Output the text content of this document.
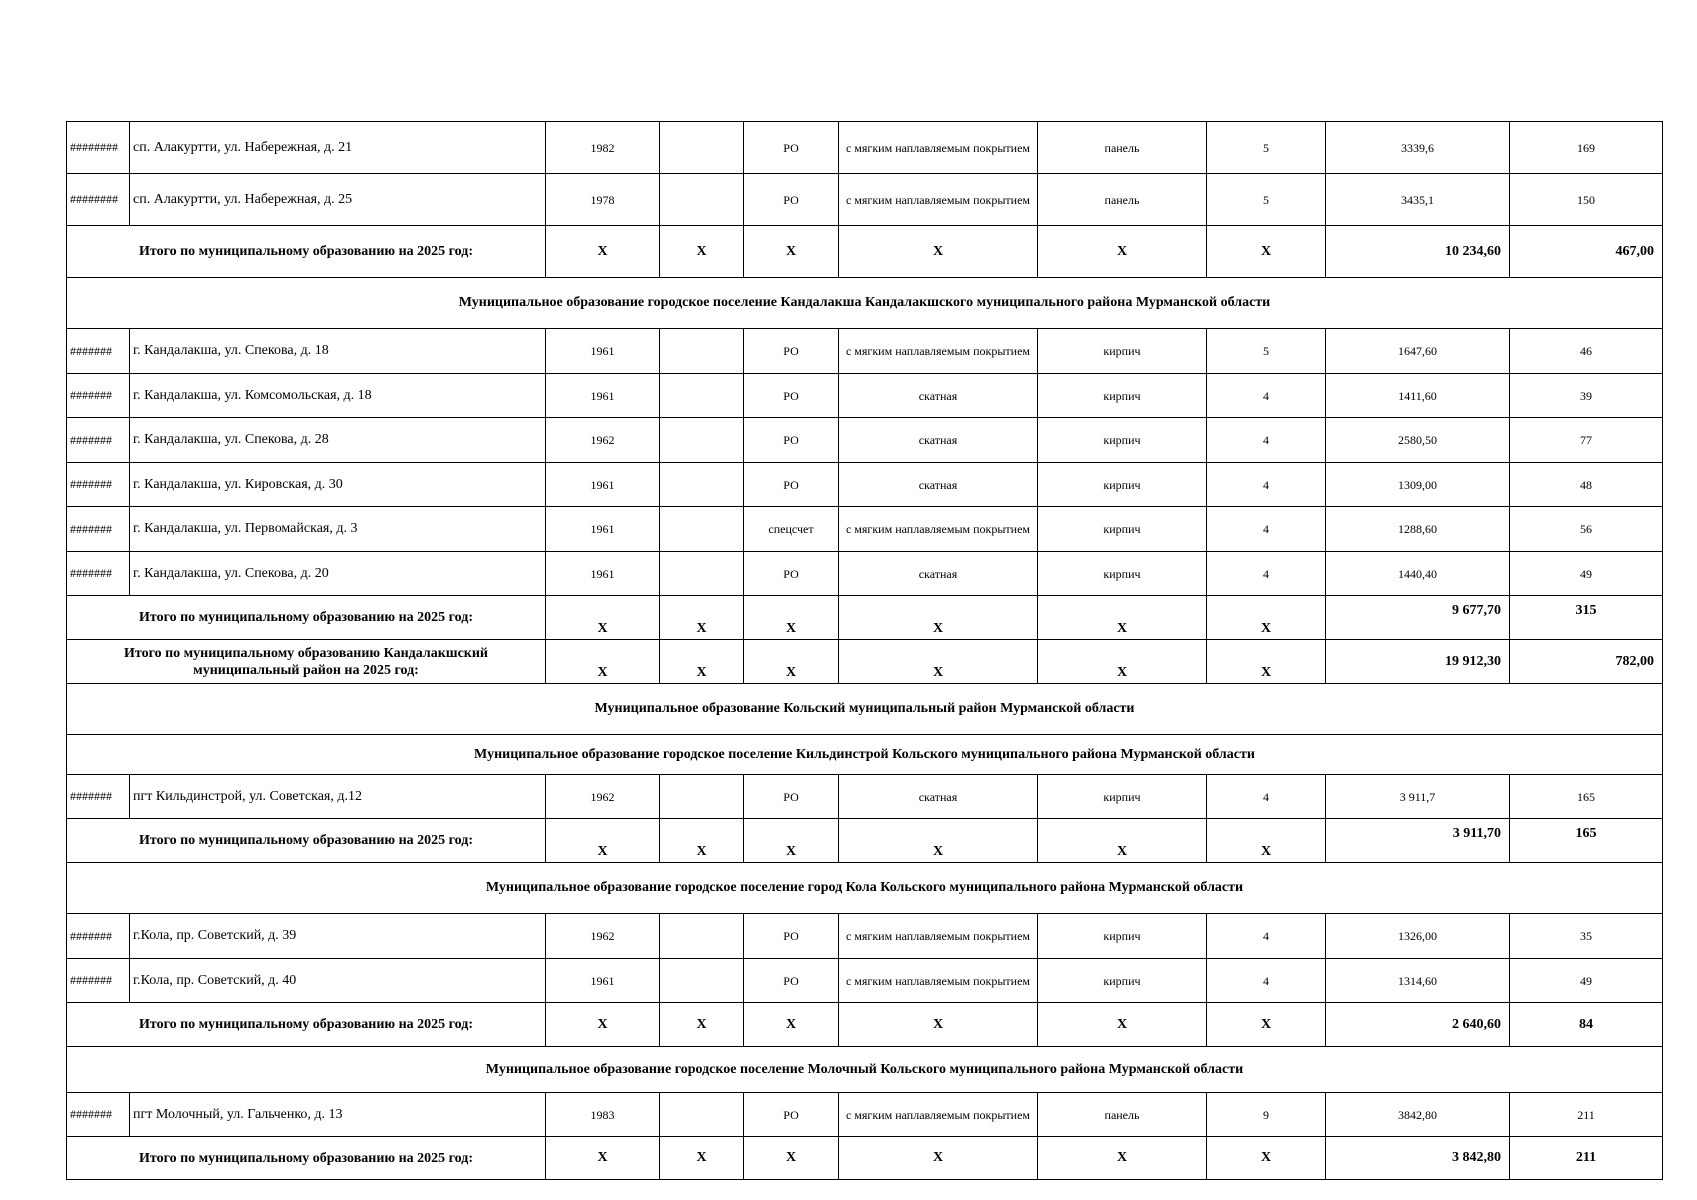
########	сп. Алакуртти, ул. Набережная, д. 21	1982		РО	с мягким наплавляемым покрытием	панель	5	3339,6	169
########	сп. Алакуртти, ул. Набережная, д. 25	1978		РО	с мягким наплавляемым покрытием	панель	5	3435,1	150
Итого по муниципальному образованию на 2025 год:		X	X	X	X	X	X	10 234,60	467,00
Муниципальное образование городское поселение Кандалакша Кандалакшского муниципального района Мурманской области									
#######	г. Кандалакша, ул. Спекова, д. 18	1961		РО	с мягким наплавляемым покрытием	кирпич	5	1647,60	46
#######	г. Кандалакша, ул. Комсомольская, д. 18	1961		РО	скатная	кирпич	4	1411,60	39
#######	г. Кандалакша, ул. Спекова, д. 28	1962		РО	скатная	кирпич	4	2580,50	77
#######	г. Кандалакша, ул. Кировская, д. 30	1961		РО	скатная	кирпич	4	1309,00	48
#######	г. Кандалакша, ул. Первомайская, д. 3	1961		спецсчет	с мягким наплавляемым покрытием	кирпич	4	1288,60	56
#######	г. Кандалакша, ул. Спекова, д. 20	1961		РО	скатная	кирпич	4	1440,40	49
Итого по муниципальному образованию на 2025 год:		X	X	X	X	X	X	9 677,70	315
Итого по муниципальному образованию Кандалакшский муниципальный район на 2025 год:		X	X	X	X	X	X	19 912,30	782,00
Муниципальное образование Кольский муниципальный район Мурманской области									
Муниципальное образование городское поселение Кильдинстрой Кольского муниципального района Мурманской области									
#######	пгт Кильдинстрой, ул. Советская, д.12	1962		РО	скатная	кирпич	4	3 911,7	165
Итого по муниципальному образованию на 2025 год:		X	X	X	X	X	X	3 911,70	165
Муниципальное образование городское поселение город Кола Кольского муниципального района Мурманской области									
#######	г.Кола, пр. Советский, д. 39	1962		РО	с мягким наплавляемым покрытием	кирпич	4	1326,00	35
#######	г.Кола, пр. Советский, д. 40	1961		РО	с мягким наплавляемым покрытием	кирпич	4	1314,60	49
Итого по муниципальному образованию на 2025 год:		X	X	X	X	X	X	2 640,60	84
Муниципальное образование городское поселение Молочный Кольского муниципального района Мурманской области									
#######	пгт Молочный, ул. Гальченко, д. 13	1983		РО	с мягким наплавляемым покрытием	панель	9	3842,80	211
Итого по муниципальному образованию на 2025 год:		X	X	X	X	X	X	3 842,80	211
